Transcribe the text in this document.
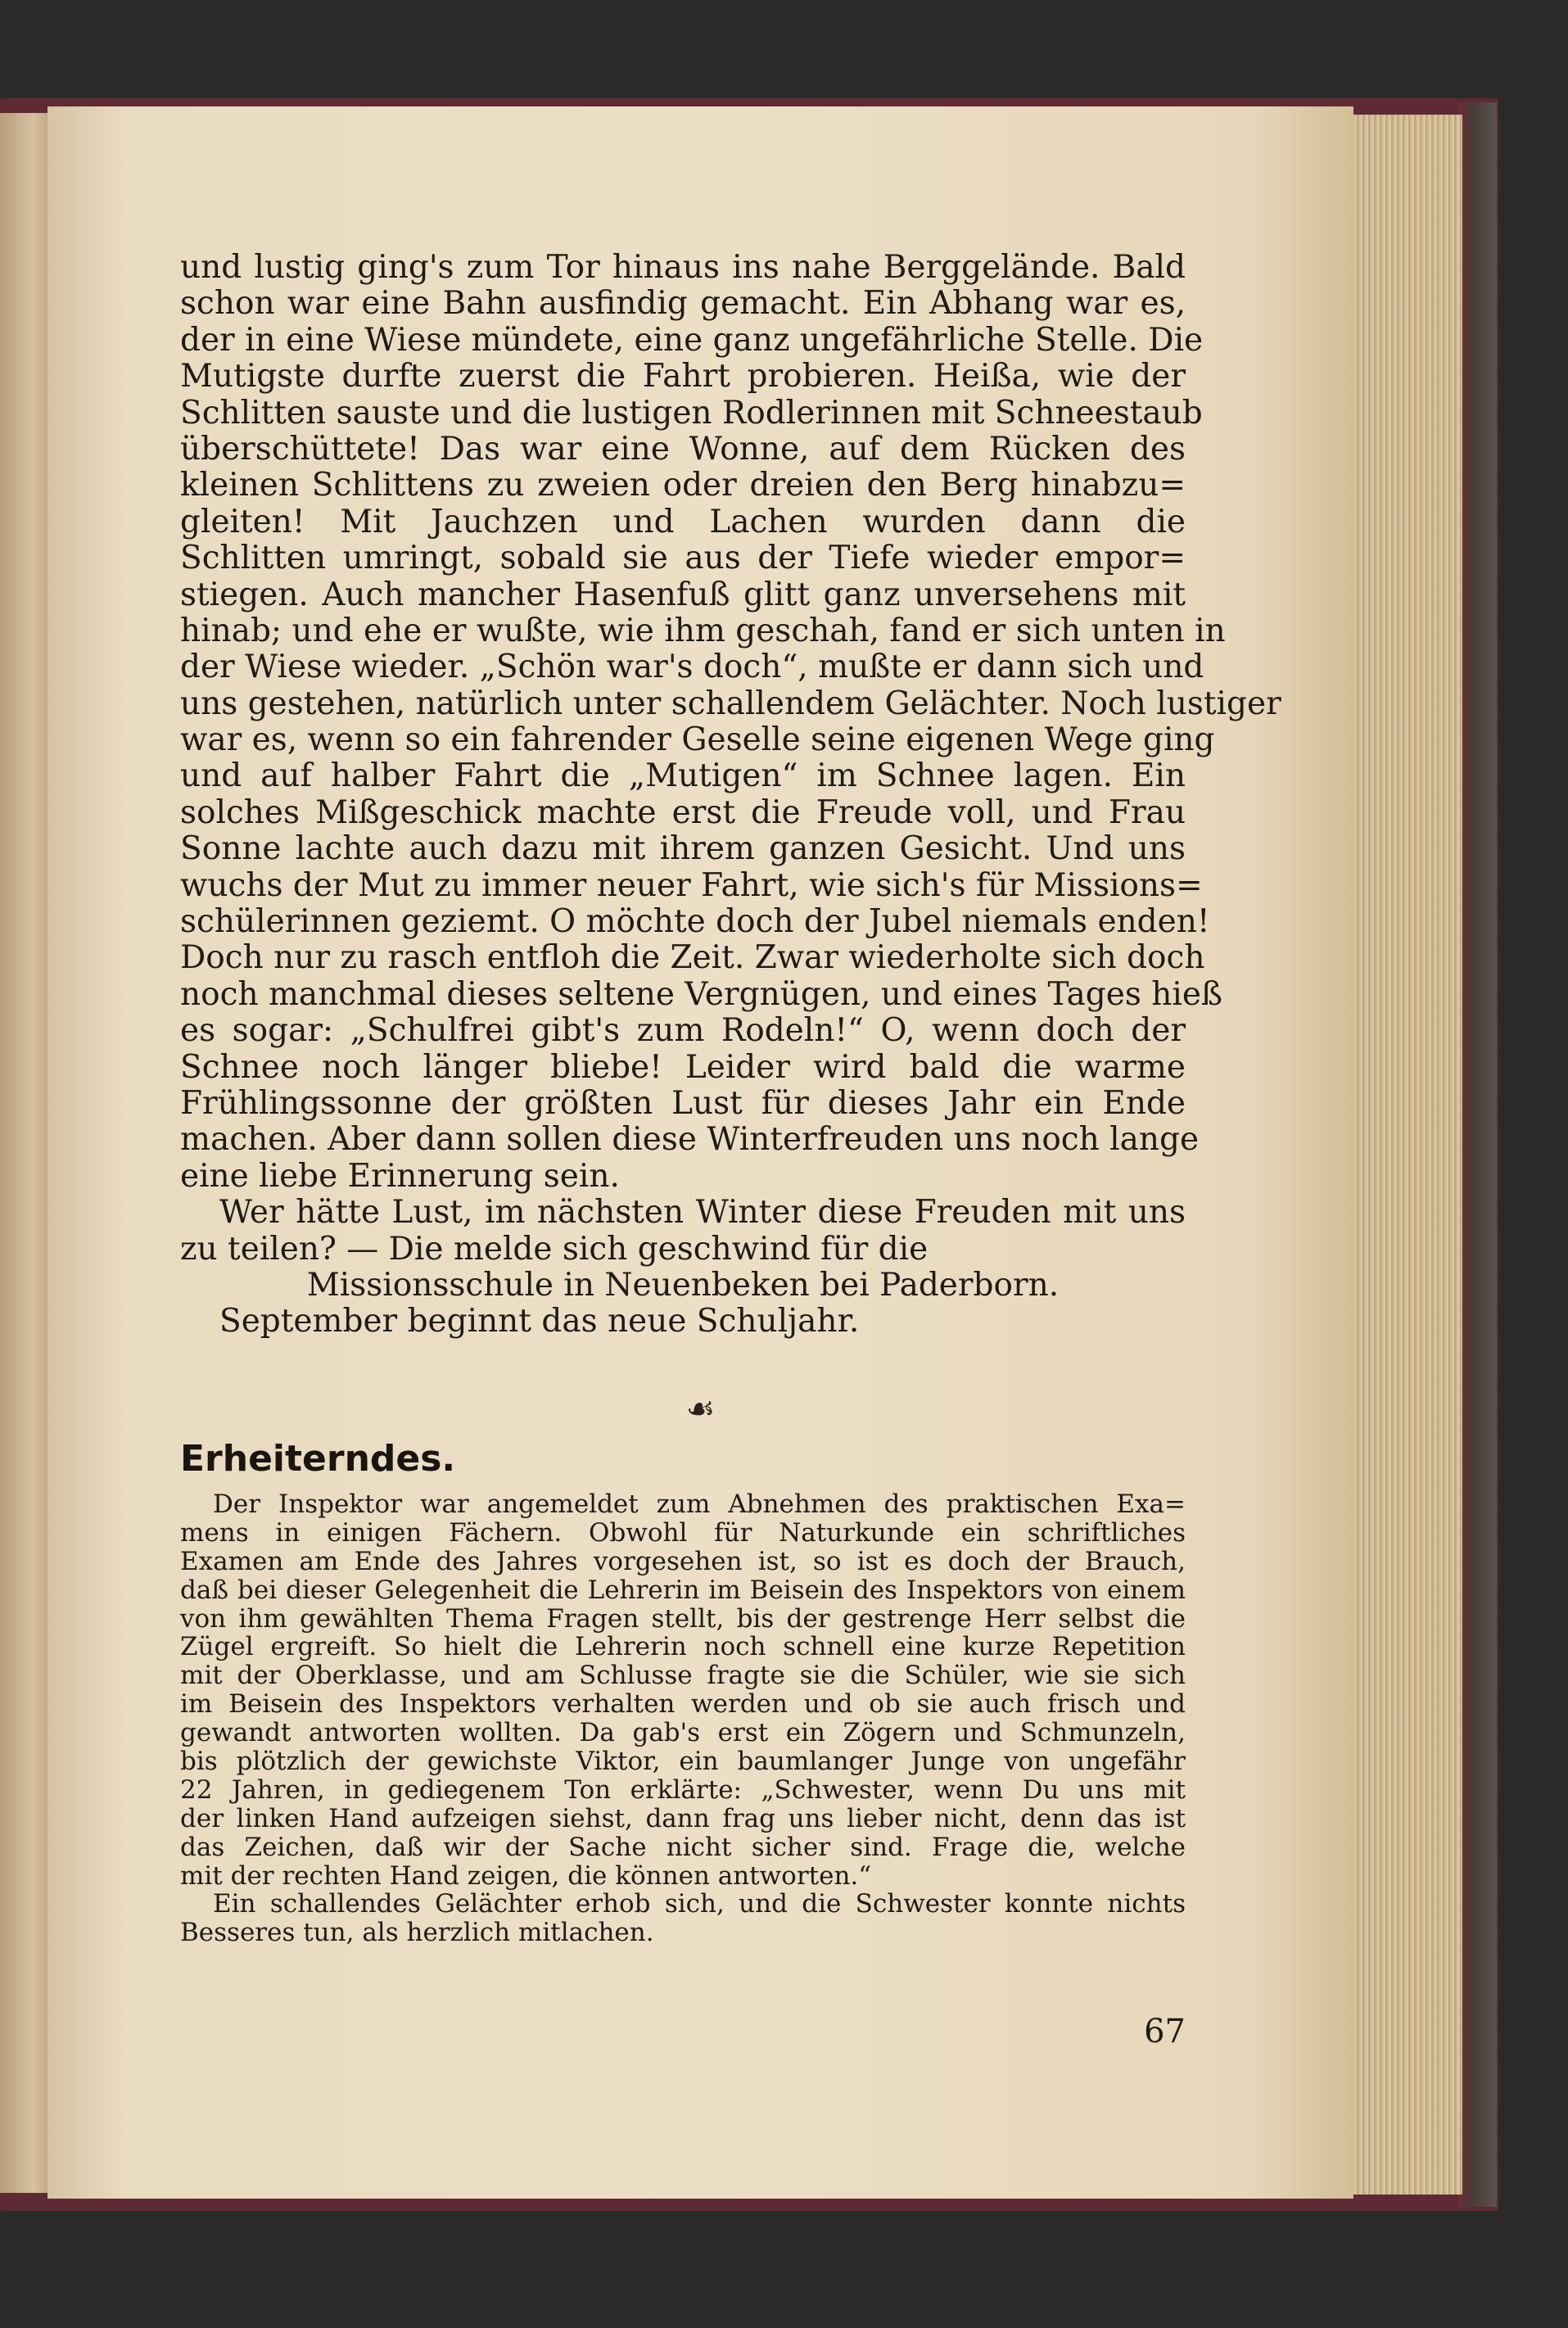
und lustig ging's zum Tor hinaus ins nahe Berggelände. Bald
schon war eine Bahn ausfindig gemacht. Ein Abhang war es,
der in eine Wiese mündete, eine ganz ungefährliche Stelle. Die
Mutigste durfte zuerst die Fahrt probieren. Heißa, wie der
Schlitten sauste und die lustigen Rodlerinnen mit Schneestaub
überschüttete! Das war eine Wonne, auf dem Rücken des
kleinen Schlittens zu zweien oder dreien den Berg hinabzu=
gleiten! Mit Jauchzen und Lachen wurden dann die
Schlitten umringt, sobald sie aus der Tiefe wieder empor=
stiegen. Auch mancher Hasenfuß glitt ganz unversehens mit
hinab; und ehe er wußte, wie ihm geschah, fand er sich unten in
der Wiese wieder. „Schön war's doch“, mußte er dann sich und
uns gestehen, natürlich unter schallendem Gelächter. Noch lustiger
war es, wenn so ein fahrender Geselle seine eigenen Wege ging
und auf halber Fahrt die „Mutigen“ im Schnee lagen. Ein
solches Mißgeschick machte erst die Freude voll, und Frau
Sonne lachte auch dazu mit ihrem ganzen Gesicht. Und uns
wuchs der Mut zu immer neuer Fahrt, wie sich's für Missions=
schülerinnen geziemt. O möchte doch der Jubel niemals enden!
Doch nur zu rasch entfloh die Zeit. Zwar wiederholte sich doch
noch manchmal dieses seltene Vergnügen, und eines Tages hieß
es sogar: „Schulfrei gibt's zum Rodeln!“ O, wenn doch der
Schnee noch länger bliebe! Leider wird bald die warme
Frühlingssonne der größten Lust für dieses Jahr ein Ende
machen. Aber dann sollen diese Winterfreuden uns noch lange
eine liebe Erinnerung sein.
Wer hätte Lust, im nächsten Winter diese Freuden mit uns
zu teilen? — Die melde sich geschwind für die
Missionsschule in Neuenbeken bei Paderborn.
September beginnt das neue Schuljahr.
☙
Erheiterndes.
Der Inspektor war angemeldet zum Abnehmen des praktischen Exa=
mens in einigen Fächern. Obwohl für Naturkunde ein schriftliches
Examen am Ende des Jahres vorgesehen ist, so ist es doch der Brauch,
daß bei dieser Gelegenheit die Lehrerin im Beisein des Inspektors von einem
von ihm gewählten Thema Fragen stellt, bis der gestrenge Herr selbst die
Zügel ergreift. So hielt die Lehrerin noch schnell eine kurze Repetition
mit der Oberklasse, und am Schlusse fragte sie die Schüler, wie sie sich
im Beisein des Inspektors verhalten werden und ob sie auch frisch und
gewandt antworten wollten. Da gab's erst ein Zögern und Schmunzeln,
bis plötzlich der gewichste Viktor, ein baumlanger Junge von ungefähr
22 Jahren, in gediegenem Ton erklärte: „Schwester, wenn Du uns mit
der linken Hand aufzeigen siehst, dann frag uns lieber nicht, denn das ist
das Zeichen, daß wir der Sache nicht sicher sind. Frage die, welche
mit der rechten Hand zeigen, die können antworten.“
Ein schallendes Gelächter erhob sich, und die Schwester konnte nichts
Besseres tun, als herzlich mitlachen.
67
